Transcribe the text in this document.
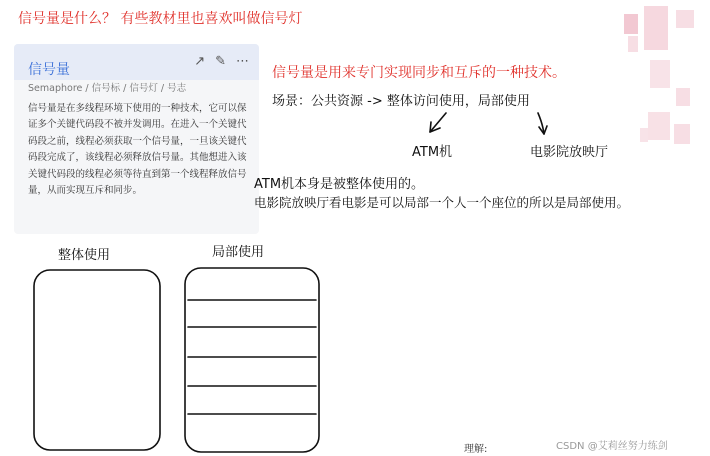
信号量是什么？ 有些教材里也喜欢叫做信号灯
信号量
↗ ✎ ⋯
Semaphore / 信号标 / 信号灯 / 号志
信号量是在多线程环境下使用的一种技术，它可以保证多个关键代码段不被并发调用。在进入一个关键代码段之前，线程必须获取一个信号量，一旦该关键代码段完成了，该线程必须释放信号量。其他想进入该关键代码段的线程必须等待直到第一个线程释放信号量，从而实现互斥和同步。
信号量是用来专门实现同步和互斥的一种技术。
场景：公共资源 -> 整体访问使用，局部使用
ATM机	电影院放映厅
ATM机本身是被整体使用的。
电影院放映厅看电影是可以局部一个人一个座位的所以是局部使用。
整体使用	局部使用
理解:	CSDN @艾莉丝努力练剑
